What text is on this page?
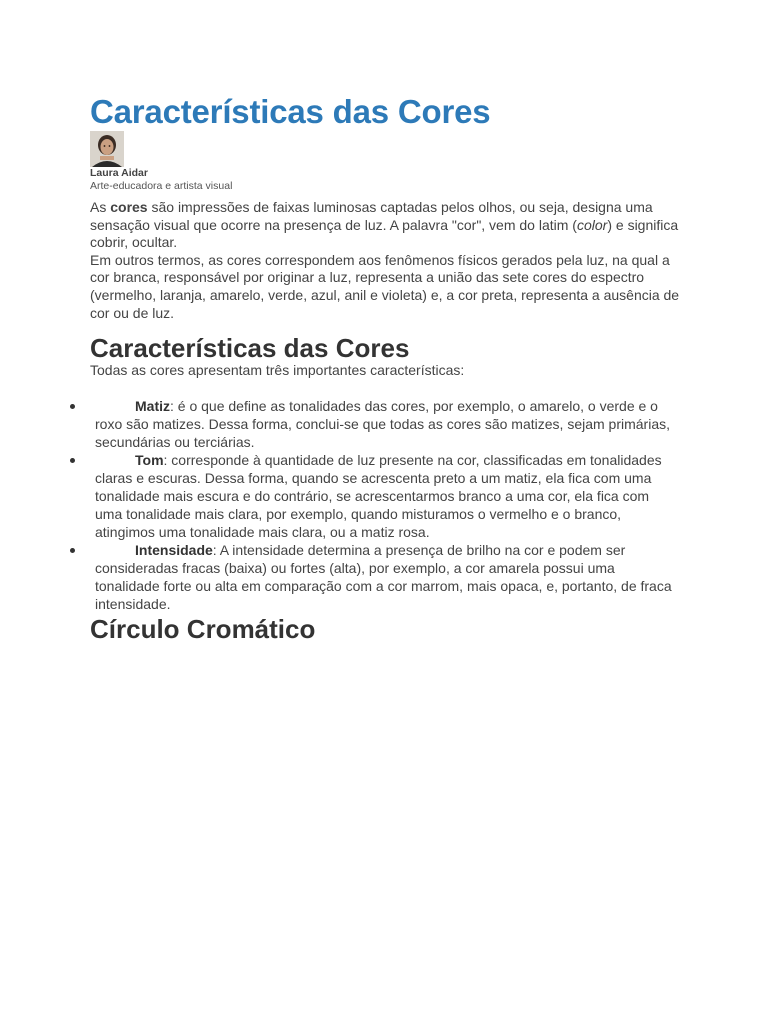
Características das Cores
Laura Aidar
Arte-educadora e artista visual

As cores são impressões de faixas luminosas captadas pelos olhos, ou seja, designa uma sensação visual que ocorre na presença de luz. A palavra "cor", vem do latim (color) e significa cobrir, ocultar.

Em outros termos, as cores correspondem aos fenômenos físicos gerados pela luz, na qual a cor branca, responsável por originar a luz, representa a união das sete cores do espectro (vermelho, laranja, amarelo, verde, azul, anil e violeta) e, a cor preta, representa a ausência de cor ou de luz.

Características das Cores

Todas as cores apresentam três importantes características:

Matiz: é o que define as tonalidades das cores, por exemplo, o amarelo, o verde e o roxo são matizes. Dessa forma, conclui-se que todas as cores são matizes, sejam primárias, secundárias ou terciárias.
Tom: corresponde à quantidade de luz presente na cor, classificadas em tonalidades claras e escuras. Dessa forma, quando se acrescenta preto a um matiz, ela fica com uma tonalidade mais escura e do contrário, se acrescentarmos branco a uma cor, ela fica com uma tonalidade mais clara, por exemplo, quando misturamos o vermelho e o branco, atingimos uma tonalidade mais clara, ou a matiz rosa.
Intensidade: A intensidade determina a presença de brilho na cor e podem ser consideradas fracas (baixa) ou fortes (alta), por exemplo, a cor amarela possui uma tonalidade forte ou alta em comparação com a cor marrom, mais opaca, e, portanto, de fraca intensidade.
Círculo Cromático
